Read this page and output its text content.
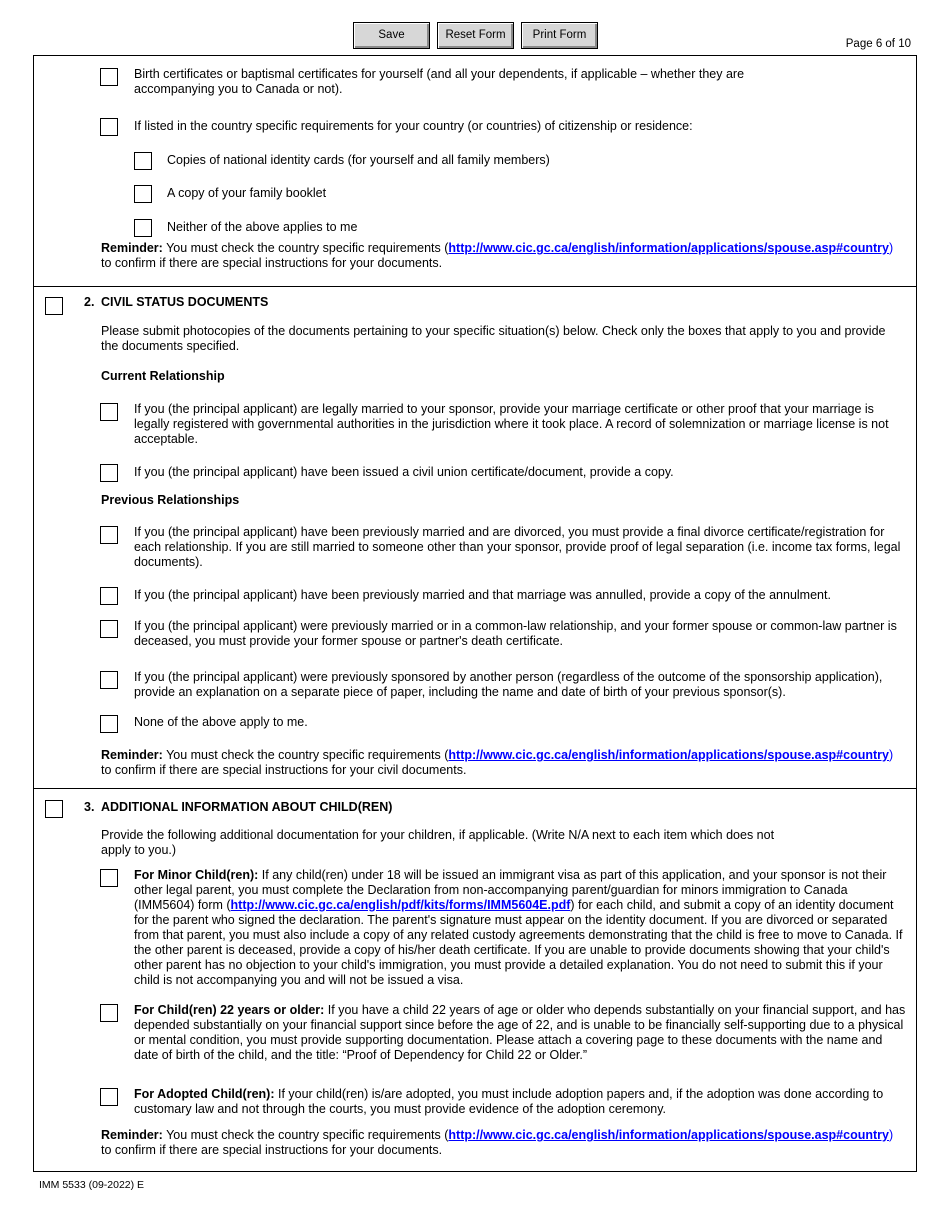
Save	Reset Form	Print Form
Page 6 of 10
Birth certificates or baptismal certificates for yourself (and all your dependents, if applicable – whether they are accompanying you to Canada or not).
If listed in the country specific requirements for your country (or countries) of citizenship or residence:
Copies of national identity cards (for yourself and all family members)
A copy of your family booklet
Neither of the above applies to me
Reminder: You must check the country specific requirements (http://www.cic.gc.ca/english/information/applications/spouse.asp#country)
to confirm if there are special instructions for your documents.
2. CIVIL STATUS DOCUMENTS
Please submit photocopies of the documents pertaining to your specific situation(s) below. Check only the boxes that apply to you and provide the documents specified.
Current Relationship
If you (the principal applicant) are legally married to your sponsor, provide your marriage certificate or other proof that your marriage is legally registered with governmental authorities in the jurisdiction where it took place. A record of solemnization or marriage license is not acceptable.
If you (the principal applicant) have been issued a civil union certificate/document, provide a copy.
Previous Relationships
If you (the principal applicant) have been previously married and are divorced, you must provide a final divorce certificate/registration for each relationship. If you are still married to someone other than your sponsor, provide proof of legal separation (i.e. income tax forms, legal documents).
If you (the principal applicant) have been previously married and that marriage was annulled, provide a copy of the annulment.
If you (the principal applicant) were previously married or in a common-law relationship, and your former spouse or common-law partner is deceased, you must provide your former spouse or partner's death certificate.
If you (the principal applicant) were previously sponsored by another person (regardless of the outcome of the sponsorship application), provide an explanation on a separate piece of paper, including the name and date of birth of your previous sponsor(s).
None of the above apply to me.
Reminder: You must check the country specific requirements (http://www.cic.gc.ca/english/information/applications/spouse.asp#country)
to confirm if there are special instructions for your civil documents.
3. ADDITIONAL INFORMATION ABOUT CHILD(REN)
Provide the following additional documentation for your children, if applicable. (Write N/A next to each item which does not
apply to you.)
For Minor Child(ren): If any child(ren) under 18 will be issued an immigrant visa as part of this application, and your sponsor is not their other legal parent, you must complete the Declaration from non-accompanying parent/guardian for minors immigration to Canada (IMM5604) form (http://www.cic.gc.ca/english/pdf/kits/forms/IMM5604E.pdf) for each child, and submit a copy of an identity document for the parent who signed the declaration. The parent's signature must appear on the identity document. If you are divorced or separated from that parent, you must also include a copy of any related custody agreements demonstrating that the child is free to move to Canada. If the other parent is deceased, provide a copy of his/her death certificate. If you are unable to provide documents showing that your child's other parent has no objection to your child's immigration, you must provide a detailed explanation. You do not need to submit this if your child is not accompanying you and will not be issued a visa.
For Child(ren) 22 years or older: If you have a child 22 years of age or older who depends substantially on your financial support, and has depended substantially on your financial support since before the age of 22, and is unable to be financially self-supporting due to a physical or mental condition, you must provide supporting documentation. Please attach a covering page to these documents with the name and date of birth of the child, and the title: “Proof of Dependency for Child 22 or Older.”
For Adopted Child(ren): If your child(ren) is/are adopted, you must include adoption papers and, if the adoption was done according to customary law and not through the courts, you must provide evidence of the adoption ceremony.
Reminder: You must check the country specific requirements (http://www.cic.gc.ca/english/information/applications/spouse.asp#country)
to confirm if there are special instructions for your documents.
IMM 5533 (09-2022) E
